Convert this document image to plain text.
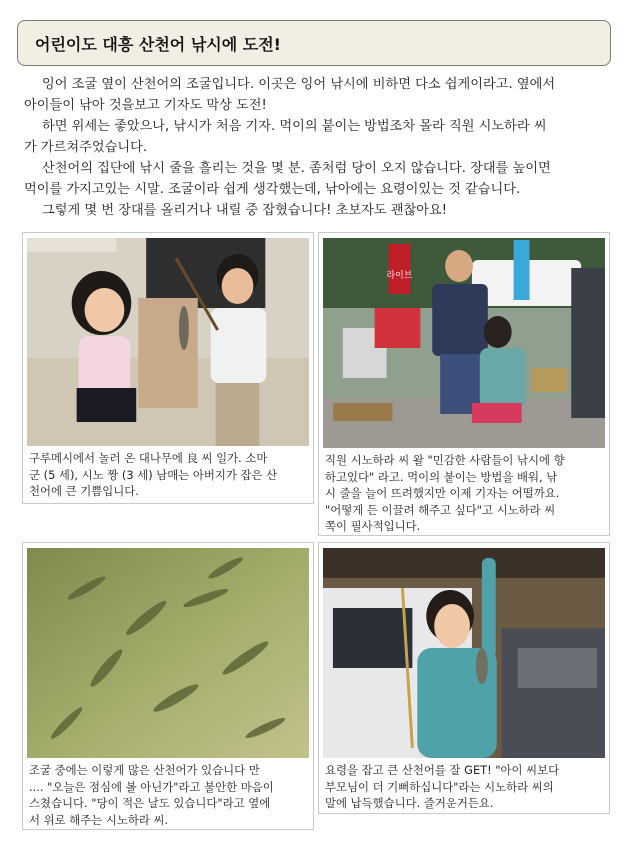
어린이도 대흥 산천어 낚시에 도전!

잉어 조굴 옆이 산천어의 조굴입니다. 이곳은 잉어 낚시에 비하면 다소 쉽게이라고. 옆에서

아이들이 낚아 것을보고 기자도 막상 도전!

하면 위세는 좋았으나, 낚시가 처음 기자. 먹이의 붙이는 방법조차 몰라 직원 시노하라 씨

가 가르쳐주었습니다.

산천어의 집단에 낚시 줄을 흘리는 것을 몇 분. 좀처럼 당이 오지 않습니다. 장대를 높이면

먹이를 가지고있는 시말. 조굴이라 쉽게 생각했는데, 낚아에는 요령이있는 것 같습니다.

그렇게 몇 번 장대를 올리거나 내릴 중 잡혔습니다! 초보자도 괜찮아요!

구루메시에서 놀러 온 대나무에 良 씨 일가. 소마
군 (5 세), 시노 짱 (3 세) 남매는 아버지가 잡은 산
천어에 큰 기쁨입니다.
라이브
직원 시노하라 씨 왈 "민감한 사람들이 낚시에 향
하고있다" 라고. 먹이의 붙이는 방법을 배워, 낚
시 줄을 늘어 뜨려했지만 이제 기자는 어떨까요.
"어떻게 든 이끌려 해주고 싶다"고 시노하라 씨
쪽이 필사적입니다.
조굴 중에는 이렇게 많은 산천어가 있습니다 만
.... "오늘은 점심에 볼 아닌가"라고 불안한 마음이
스쳤습니다. "당이 적은 날도 있습니다"라고 옆에
서 위로 해주는 시노하라 씨.
요령을 잡고 큰 산천어를 잘 GET! "아이 씨보다
부모님이 더 기뻐하십니다"라는 시노하라 씨의
말에 납득했습니다. 즐거운거든요.
